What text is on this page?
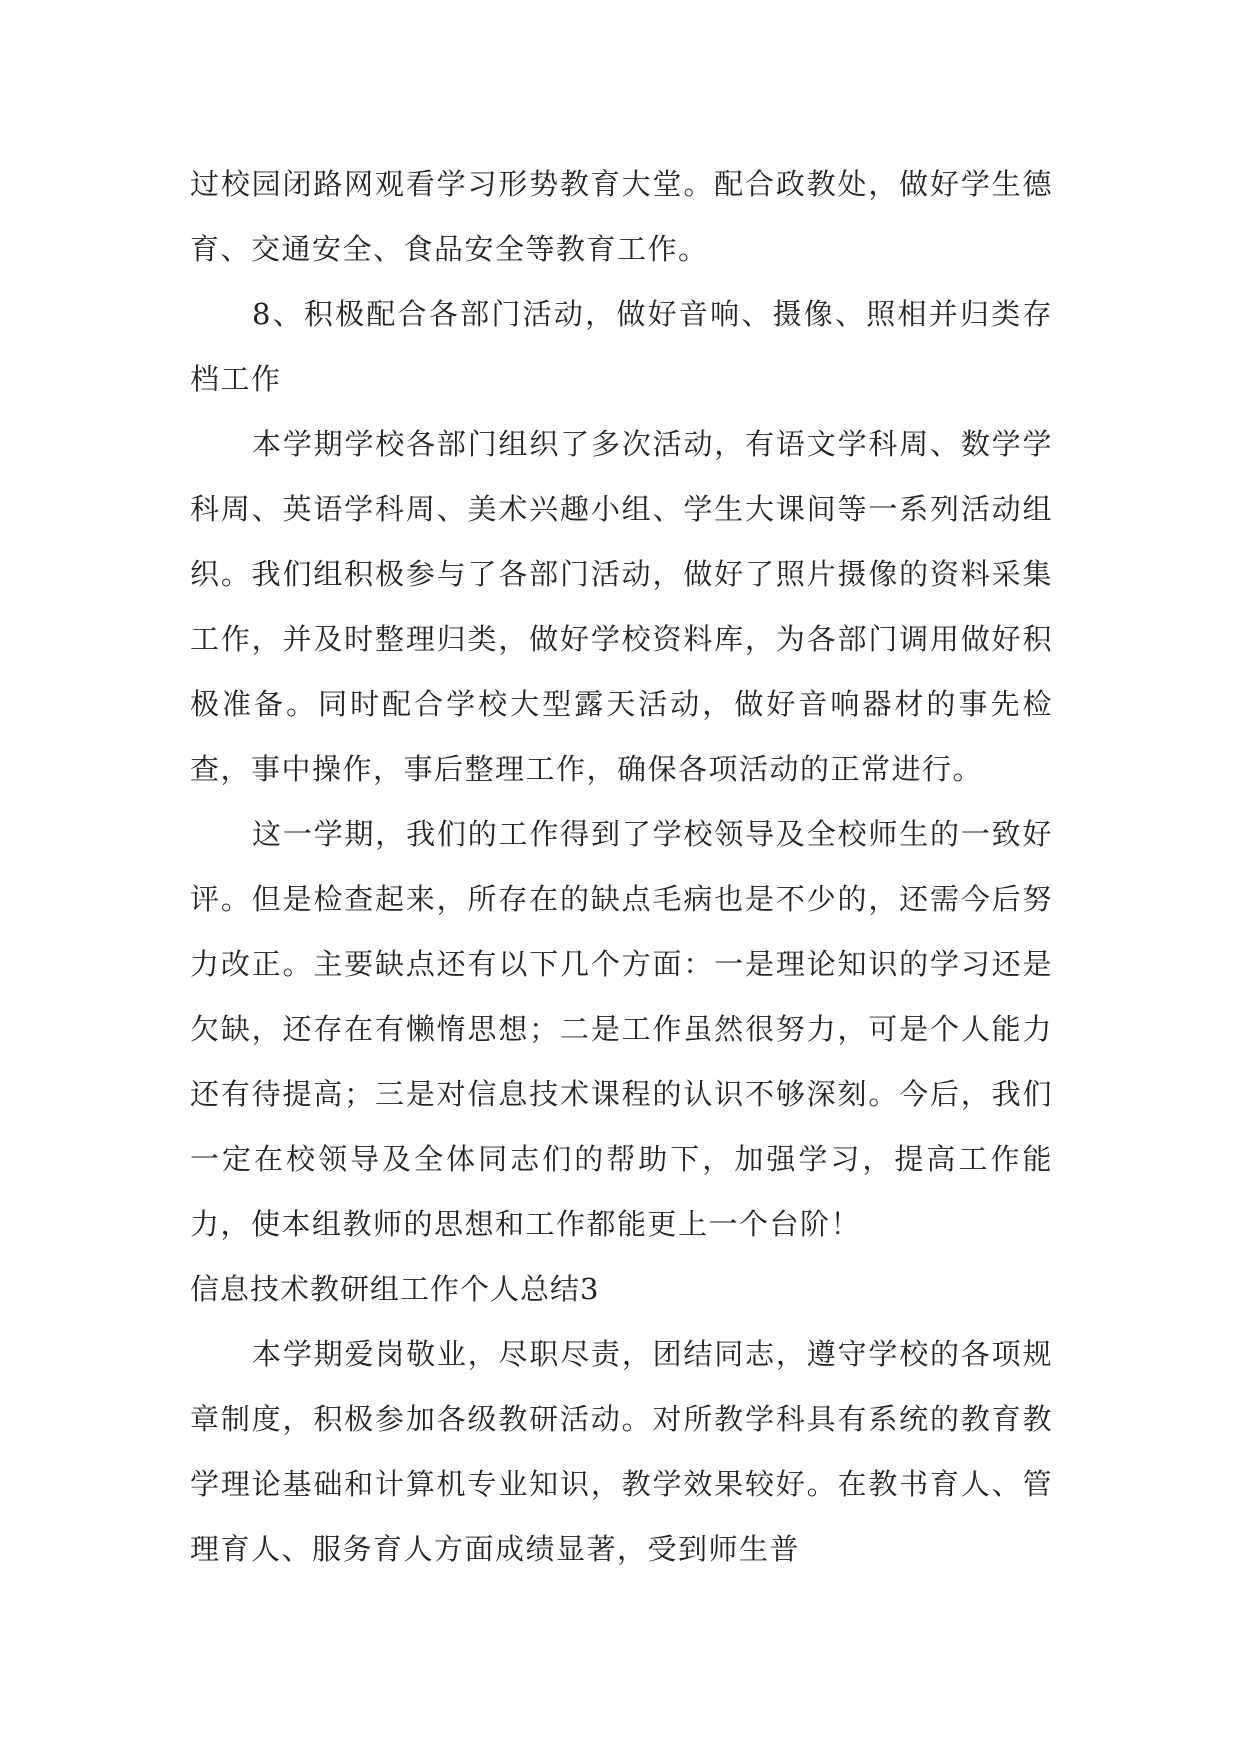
过校园闭路网观看学习形势教育大堂。配合政教处，做好学生德育、交通安全、食品安全等教育工作。

8、积极配合各部门活动，做好音响、摄像、照相并归类存档工作

本学期学校各部门组织了多次活动，有语文学科周、数学学科周、英语学科周、美术兴趣小组、学生大课间等一系列活动组织。我们组积极参与了各部门活动，做好了照片摄像的资料采集工作，并及时整理归类，做好学校资料库，为各部门调用做好积极准备。同时配合学校大型露天活动，做好音响器材的事先检查，事中操作，事后整理工作，确保各项活动的正常进行。

这一学期，我们的工作得到了学校领导及全校师生的一致好评。但是检查起来，所存在的缺点毛病也是不少的，还需今后努力改正。主要缺点还有以下几个方面：一是理论知识的学习还是欠缺，还存在有懒惰思想；二是工作虽然很努力，可是个人能力还有待提高；三是对信息技术课程的认识不够深刻。今后，我们一定在校领导及全体同志们的帮助下，加强学习，提高工作能力，使本组教师的思想和工作都能更上一个台阶！

信息技术教研组工作个人总结3

本学期爱岗敬业，尽职尽责，团结同志，遵守学校的各项规章制度，积极参加各级教研活动。对所教学科具有系统的教育教学理论基础和计算机专业知识，教学效果较好。在教书育人、管理育人、服务育人方面成绩显著，受到师生普
